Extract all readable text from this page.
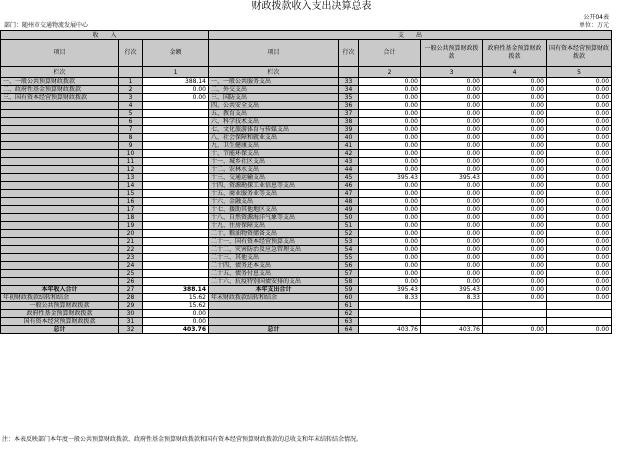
财政拨款收入支出决算总表
公开04表
部门：随州市交通物流发展中心	单位：万元
收　　入			支　　出					
项目	行次	金额	项目	行次	合计	一般公共预算财政拨款	政府性基金预算财政拨款	国有资本经营预算财政拨款
栏次		1	栏次		2	3	4	5
一、一般公共预算财政拨款	1	388.14	一、一般公共服务支出	33	0.00	0.00	0.00	0.00
二、政府性基金预算财政拨款	2	0.00	二、外交支出	34	0.00	0.00	0.00	0.00
三、国有资本经营预算财政拨款	3	0.00	三、国防支出	35	0.00	0.00	0.00	0.00
	4		四、公共安全支出	36	0.00	0.00	0.00	0.00
	5		五、教育支出	37	0.00	0.00	0.00	0.00
	6		六、科学技术支出	38	0.00	0.00	0.00	0.00
	7		七、文化旅游体育与传媒支出	39	0.00	0.00	0.00	0.00
	8		八、社会保障和就业支出	40	0.00	0.00	0.00	0.00
	9		九、卫生健康支出	41	0.00	0.00	0.00	0.00
	10		十、节能环保支出	42	0.00	0.00	0.00	0.00
	11		十一、城乡社区支出	43	0.00	0.00	0.00	0.00
	12		十二、农林水支出	44	0.00	0.00	0.00	0.00
	13		十三、交通运输支出	45	395.43	395.43	0.00	0.00
	14		十四、资源勘探工业信息等支出	46	0.00	0.00	0.00	0.00
	15		十五、商业服务业等支出	47	0.00	0.00	0.00	0.00
	16		十六、金融支出	48	0.00	0.00	0.00	0.00
	17		十七、援助其他地区支出	49	0.00	0.00	0.00	0.00
	18		十八、自然资源海洋气象等支出	50	0.00	0.00	0.00	0.00
	19		十九、住房保障支出	51	0.00	0.00	0.00	0.00
	20		二十、粮油物资储备支出	52	0.00	0.00	0.00	0.00
	21		二十一、国有资本经营预算支出	53	0.00	0.00	0.00	0.00
	22		二十二、灾害防治及应急管理支出	54	0.00	0.00	0.00	0.00
	23		二十三、其他支出	55	0.00	0.00	0.00	0.00
	24		二十四、债务还本支出	56	0.00	0.00	0.00	0.00
	25		二十五、债务付息支出	57	0.00	0.00	0.00	0.00
	26		二十六、抗疫特别国债安排的支出	58	0.00	0.00	0.00	0.00
本年收入合计	27	388.14	本年支出合计	59	395.43	395.43	0.00	0.00
年初财政拨款结转和结余	28	15.62	年末财政拨款结转和结余	60	8.33	8.33	0.00	0.00
一般公共预算财政拨款	29	15.62		61				
政府性基金预算财政拨款	30	0.00		62				
国有资本经营预算财政拨款	31	0.00		63				
总计	32	403.76	总计	64	403.76	403.76	0.00	0.00
注：本表反映部门本年度一般公共预算财政拨款、政府性基金预算财政拨款和国有资本经营预算财政拨款的总收支和年末结转结余情况。
